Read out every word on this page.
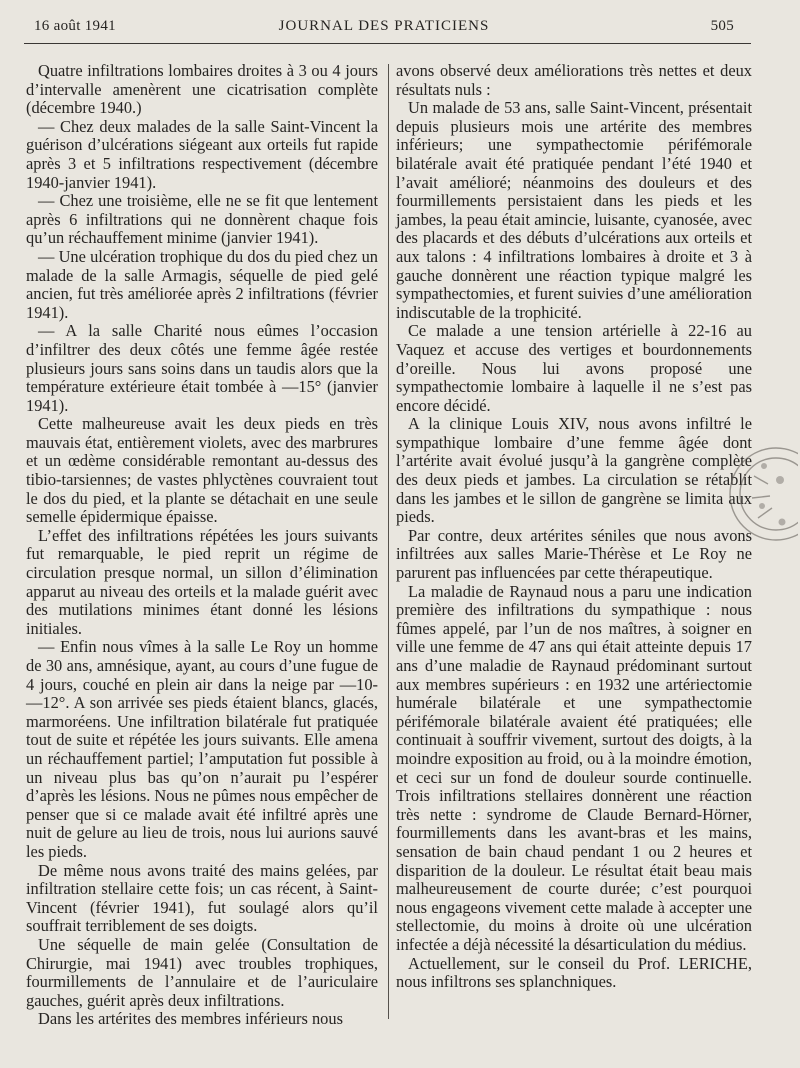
16 août 1941	JOURNAL DES PRATICIENS	505

Quatre infiltrations lombaires droites à 3 ou 4 jours d’intervalle amenèrent une cicatrisation complète (décembre 1940.)

— Chez deux malades de la salle Saint-Vincent la guérison d’ulcérations siégeant aux orteils fut rapide après 3 et 5 infiltrations respectivement (décembre 1940-janvier 1941).

— Chez une troisième, elle ne se fit que lentement après 6 infiltrations qui ne donnèrent chaque fois qu’un réchauffement minime (janvier 1941).

— Une ulcération trophique du dos du pied chez un malade de la salle Armagis, séquelle de pied gelé ancien, fut très améliorée après 2 infiltrations (février 1941).

— A la salle Charité nous eûmes l’occasion d’infiltrer des deux côtés une femme âgée restée plusieurs jours sans soins dans un taudis alors que la température extérieure était tombée à —15° (janvier 1941).

Cette malheureuse avait les deux pieds en très mauvais état, entièrement violets, avec des marbrures et un œdème considérable remontant au-dessus des tibio-tarsiennes; de vastes phlyctènes couvraient tout le dos du pied, et la plante se détachait en une seule semelle épidermique épaisse.

L’effet des infiltrations répétées les jours suivants fut remarquable, le pied reprit un régime de circulation presque normal, un sillon d’élimination apparut au niveau des orteils et la malade guérit avec des mutilations minimes étant donné les lésions initiales.

— Enfin nous vîmes à la salle Le Roy un homme de 30 ans, amnésique, ayant, au cours d’une fugue de 4 jours, couché en plein air dans la neige par —10- —12°. A son arrivée ses pieds étaient blancs, glacés, marmoréens. Une infiltration bilatérale fut pratiquée tout de suite et répétée les jours suivants. Elle amena un réchauffement partiel; l’amputation fut possible à un niveau plus bas qu’on n’aurait pu l’espérer d’après les lésions. Nous ne pûmes nous empêcher de penser que si ce malade avait été infiltré après une nuit de gelure au lieu de trois, nous lui aurions sauvé les pieds.

De même nous avons traité des mains gelées, par infiltration stellaire cette fois; un cas récent, à Saint-Vincent (février 1941), fut soulagé alors qu’il souffrait terriblement de ses doigts.

Une séquelle de main gelée (Consultation de Chirurgie, mai 1941) avec troubles trophiques, fourmillements de l’annulaire et de l’auriculaire gauches, guérit après deux infiltrations.

Dans les artérites des membres inférieurs nous

avons observé deux améliorations très nettes et deux résultats nuls :

Un malade de 53 ans, salle Saint-Vincent, présentait depuis plusieurs mois une artérite des membres inférieurs; une sympathectomie périfémorale bilatérale avait été pratiquée pendant l’été 1940 et l’avait amélioré; néanmoins des douleurs et des fourmillements persistaient dans les pieds et les jambes, la peau était amincie, luisante, cyanosée, avec des placards et des débuts d’ulcérations aux orteils et aux talons : 4 infiltrations lombaires à droite et 3 à gauche donnèrent une réaction typique malgré les sympathectomies, et furent suivies d’une amélioration indiscutable de la trophicité.

Ce malade a une tension artérielle à 22-16 au Vaquez et accuse des vertiges et bourdonnements d’oreille. Nous lui avons proposé une sympathectomie lombaire à laquelle il ne s’est pas encore décidé.

A la clinique Louis XIV, nous avons infiltré le sympathique lombaire d’une femme âgée dont l’artérite avait évolué jusqu’à la gangrène complète des deux pieds et jambes. La circulation se rétablit dans les jambes et le sillon de gangrène se limita aux pieds.

Par contre, deux artérites séniles que nous avons infiltrées aux salles Marie-Thérèse et Le Roy ne parurent pas influencées par cette thérapeutique.

La maladie de Raynaud nous a paru une indication première des infiltrations du sympathique : nous fûmes appelé, par l’un de nos maîtres, à soigner en ville une femme de 47 ans qui était atteinte depuis 17 ans d’une maladie de Raynaud prédominant surtout aux membres supérieurs : en 1932 une artériectomie humérale bilatérale et une sympathectomie périfémorale bilatérale avaient été pratiquées; elle continuait à souffrir vivement, surtout des doigts, à la moindre exposition au froid, ou à la moindre émotion, et ceci sur un fond de douleur sourde continuelle. Trois infiltrations stellaires donnèrent une réaction très nette : syndrome de Claude Bernard-Hörner, fourmillements dans les avant-bras et les mains, sensation de bain chaud pendant 1 ou 2 heures et disparition de la douleur. Le résultat était beau mais malheureusement de courte durée; c’est pourquoi nous engageons vivement cette malade à accepter une stellectomie, du moins à droite où une ulcération infectée a déjà nécessité la désarticulation du médius.

Actuellement, sur le conseil du Prof. LERICHE, nous infiltrons ses splanchniques.
